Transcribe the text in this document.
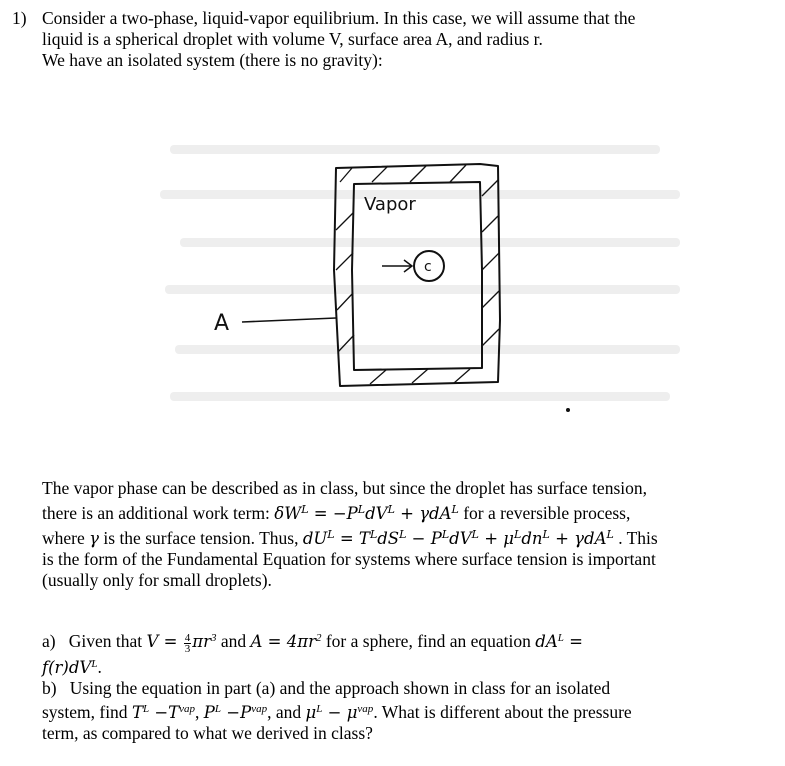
1) Consider a two-phase, liquid-vapor equilibrium. In this case, we will assume that the
liquid is a spherical droplet with volume V, surface area A, and radius r.
We have an isolated system (there is no gravity):
Vapor
c
A
The vapor phase can be described as in class, but since the droplet has surface tension,
there is an additional work term: $\delta W^L = -P^LdV^L + \gamma dA^L$ for a reversible process,
where γ is the surface tension. Thus, $dU^L = T^LdS^L - P^LdV^L + \mu^Ldn^L + \gamma dA^L$ . This
is the form of the Fundamental Equation for systems where surface tension is important
(usually only for small droplets).
a) Given that $V = \frac{4}{3} \pi r^3$ and $A = 4\pi r^2$ for a sphere, find an equation $dA^L$ =
$f(r)dV^L$.
b) Using the equation in part (a) and the approach shown in class for an isolated
system, find $T^L -T^{vap}$, $P^L -P^{vap}$, and $\mu^L - \mu^{vap}$. What is different about the pressure
term, as compared to what we derived in class?
